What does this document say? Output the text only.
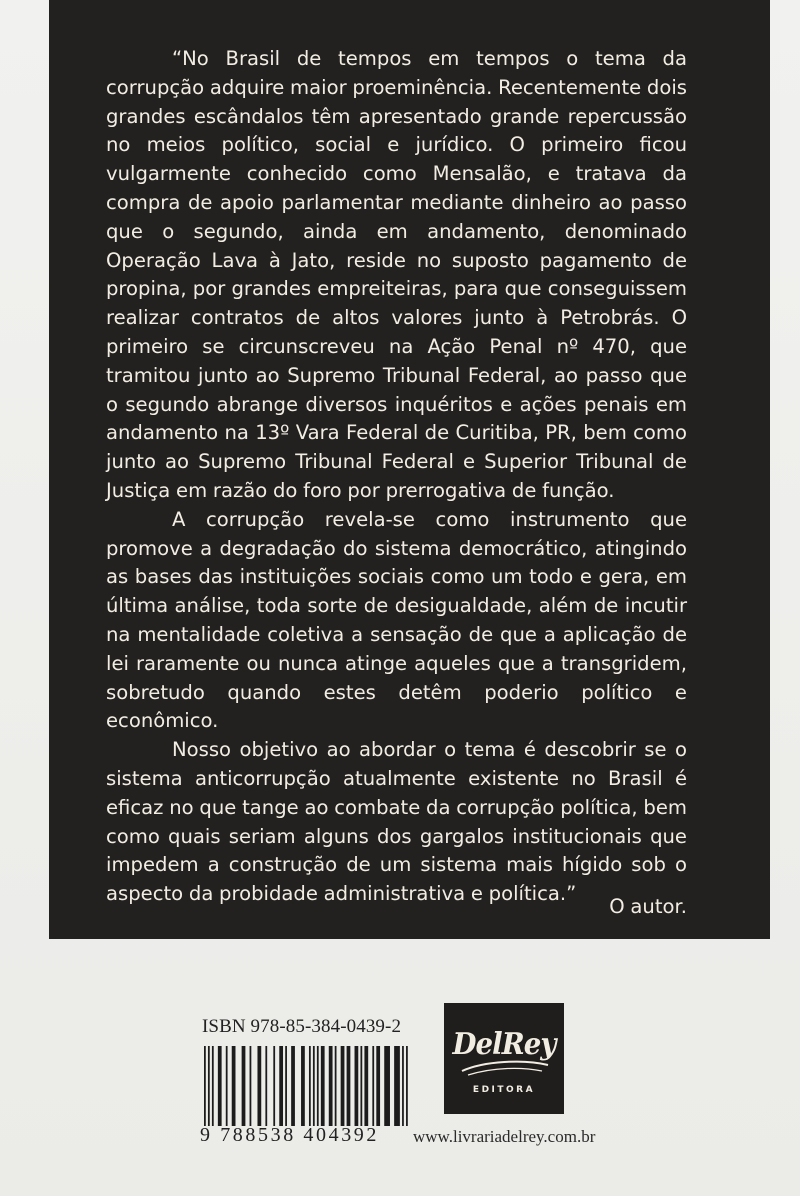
“No Brasil de tempos em tempos o tema da corrupção adquire maior proeminência. Recentemente dois grandes escândalos têm apresentado grande repercussão no meios político, social e jurídico. O primeiro ficou vulgarmente conhecido como Mensalão, e tratava da compra de apoio parlamentar mediante dinheiro ao passo que o segundo, ainda em andamento, denominado Operação Lava à Jato, reside no suposto pagamento de propina, por grandes empreiteiras, para que conseguissem realizar contratos de altos valores junto à Petrobrás. O primeiro se circunscreveu na Ação Penal nº 470, que tramitou junto ao Supremo Tribunal Federal, ao passo que o segundo abrange diversos inquéritos e ações penais em andamento na 13º Vara Federal de Curitiba, PR, bem como junto ao Supremo Tribunal Federal e Superior Tribunal de Justiça em razão do foro por prerrogativa de função.

A corrupção revela-se como instrumento que promove a degradação do sistema democrático, atingindo as bases das instituições sociais como um todo e gera, em última análise, toda sorte de desigualdade, além de incutir na mentalidade coletiva a sensação de que a aplicação de lei raramente ou nunca atinge aqueles que a transgridem, sobretudo quando estes detêm poderio político e econômico.

Nosso objetivo ao abordar o tema é descobrir se o sistema anticorrupção atualmente existente no Brasil é eficaz no que tange ao combate da corrupção política, bem como quais seriam alguns dos gargalos institucionais que impedem a construção de um sistema mais hígido sob o aspecto da probidade administrativa e política.”

O autor.

ISBN 978-85-384-0439-2
9 788538 404392
DelRey
EDITORA
www.livrariadelrey.com.br
